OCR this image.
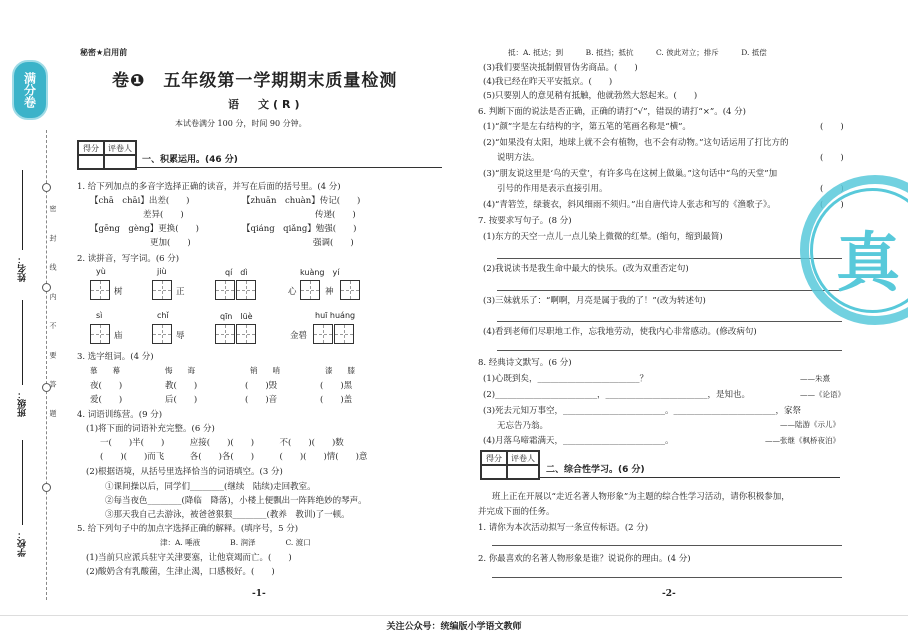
满分卷
密 封 线 内 不 要 答 题
姓名：
班级：
学校：
秘密★启用前
卷❶　五年级第一学期期末质量检测
语　文(R)
本试卷满分 100 分，时间 90 分钟。
得分	评卷人
一、积累运用。(46 分)
1. 给下列加点的多音字选择正确的读音，并写在后面的括号里。(4 分)
【chā　chāi】出差(　　)	【zhuān　chuàn】传记(　　)
差异(　　)	传递(　　)
【gēng　gèng】更换(　　)	【qiáng　qiǎng】勉强(　　)
更加(　　)	强调(　　)
2. 读拼音，写字词。(6 分)
yù	jiù	qí　dì	kuàng　yí
树	正	心	神
sì	chǐ	qīn　lüè	huī huáng
庙	辱	金碧
3. 选字组词。(4 分)
慕　　幕	悔　　诲	销　　哨	漆　　膝
夜(　　)	教(　　)	(　　)毁	(　　)黑
爱(　　)	后(　　)	(　　)音	(　　)盖
4. 词语训练营。(9 分)
(1)将下面的词语补充完整。(6 分)
一(　　)半(　　)　　　应接(　　)(　　)　　　不(　　)(　　)数
(　　)(　　)而飞　　　各(　　)各(　　)　　　(　　)(　　)情(　　)意
(2)根据语境，从括号里选择恰当的词语填空。(3 分)
①课间操以后，同学们________(继续　陆续)走回教室。
②每当夜色________(降临　降落)，小楼上便飘出一阵阵绝妙的琴声。
③那天我自己去游泳，被爸爸狠狠________(教养　教训)了一顿。
5. 给下列句子中的加点字选择正确的解释。(填序号，5 分)
津：A. 唾液　　　　B. 润泽　　　　C. 渡口
(1)当前只应派兵驻守关津要塞，让他衰竭而亡。(　　)
(2)酸奶含有乳酸菌，生津止渴，口感极好。(　　)
-1-
抵：A. 抵达；到　　　B. 抵挡；抵抗　　　C. 彼此对立；排斥　　　D. 抵偿
(3)我们要坚决抵制假冒伪劣商品。(　　)
(4)我已经在昨天平安抵京。(　　)
(5)只要别人的意见稍有抵触，他就勃然大怒起来。(　　)
6. 判断下面的说法是否正确，正确的请打“√”，错误的请打“×”。(4 分)
(1)“颜”字是左右结构的字，第五笔的笔画名称是“横”。	(　　)
(2)“如果没有太阳，地球上就不会有植物，也不会有动物。”这句话运用了打比方的
说明方法。	(　　)
(3)“朋友说这里是‘鸟的天堂’，有许多鸟在这树上做巢。”这句话中“鸟的天堂”加
引号的作用是表示直接引用。	(　　)
(4)“青箬笠，绿蓑衣，斜风细雨不须归。”出自唐代诗人张志和写的《渔歌子》。	(　　)
7. 按要求写句子。(8 分)
(1)东方的天空一点儿一点儿染上微微的红晕。(缩句，缩到最简)
(2)我说读书是我生命中最大的快乐。(改为双重否定句)
(3)三妹就乐了：“啊啊，月亮是属于我的了！”(改为转述句)
(4)看到老师们尽职地工作，忘我地劳动，使我内心非常感动。(修改病句)
8. 经典诗文默写。(6 分)
(1)心既到矣，________________________？	——朱熹
(2)________________________，________________________，是知也。	——《论语》
(3)死去元知万事空，________________________。________________________，家祭
无忘告乃翁。	——陆游《示儿》
(4)月落乌啼霜满天，________________________。	——张继《枫桥夜泊》
得分	评卷人
二、综合性学习。(6 分)
班上正在开展以“走近名著人物形象”为主题的综合性学习活动，请你积极参加，
并完成下面的任务。
1. 请你为本次活动拟写一条宣传标语。(2 分)
2. 你最喜欢的名著人物形象是谁？说说你的理由。(4 分)
-2-
真
关注公众号：统编版小学语文教师
